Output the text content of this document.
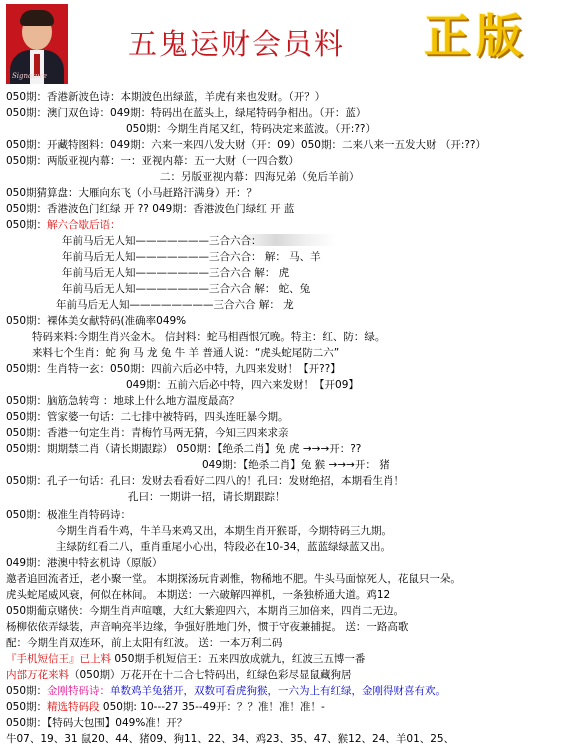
Signature
五鬼运财会员料 正版
050期：香港新波色诗：本期波色出绿蓝，羊虎有来也发财。（开？）
050期：澳门双色诗：049期：特码出在蓝头上，绿尾特码争相出。（开：蓝）
050期：今期生肖尾又红，特码决定来蓝波。（开:??）
050期：开藏特图料：049期：六来一来四八发大财（开：09）050期：二来八来一五发大财 （开:??）
050期：两版亚视内幕：一：亚视内幕：五一大财（一四合数）
二：另版亚视内幕：四海兄弟（免后羊前）
050期猜算盘：大雁向东飞（小马赶路汗满身）开：？
050期：香港波色门红绿 开 ?? 049期：香港波色门绿红 开 蓝
050期：解六合歇后语：
年前马后无人知———————三合六合：
年前马后无人知———————三合六合： 解： 马、羊
年前马后无人知———————三合六合 解： 虎
年前马后无人知———————三合六合 解： 蛇、兔
年前马后无人知————————三合六合 解： 龙
050期：裸体美女献特码(准确率049%
特码来料:今期生肖兴金木。 信封料：蛇马相酉恨冗晚。特主：红、防：绿。
来料七个生肖：蛇 狗 马 龙 兔 牛 羊 普通人说：“虎头蛇尾防二六”
050期：生肖特一玄：050期：四前六后必中特，九四来发财！【开??】
049期：五前六后必中特，四六来发财！【开09】
050期：脑筋急转弯 ：地球上什么地方温度最高？
050期：管家婆一句话：二七排中被特码，四头连旺暴今期。
050期：香港一句定生肖：青梅竹马两无猜，今知三四来求亲
050期：期期禁二肖（请长期跟踪） 050期：【绝杀二肖】免 虎 →→→开：??
049期：【绝杀二肖】兔 猴 →→→开： 猪
050期：孔子一句话：孔曰：发财去看看好二四八的！孔曰：发财绝招，本期看生肖！
孔曰：一期讲一招，请长期跟踪！
050期：极准生肖特码诗：
今期生肖看牛鸡，牛羊马来鸡又出，本期生肖开猴哥，今期特码三九期。
主绿防红看二八，重肖重尾小心出，特段必在10-34，蓝蓝绿绿蓝又出。
049期：港澳中特玄机诗（原版）
邀者追回流者迁，老小聚一堂。 本期探汤玩肯剥惟，物稀地不肥。牛头马面惊死人，花鼠只一朵。
虎头蛇尾威风衰，何似在林间。 本期送：一六破解四禅机，一条独桥通大道。鸡12
050期葡京赌侠：今期生肖声喧嚷，大红大紫迎四六，本期肖三加倍来，四肖二无边。
杨柳依依弄绿装，声音响亮半边缘，争强好胜地门外，惯于守夜兼捕捉。 送：一路高歌
配：今期生肖双连环，前上太阳有红波。 送：一本万利二码
『手机短信王』已上料 050期手机短信王：五来四放成就九，红波三五博一番
内部万花来料（050期）万花开在十二合七特码出，红绿色彩尽显鼠藏狗居
050期：金刚特码诗：单数鸡羊兔猪开，双数可看虎狗猴，一六为上有红绿，金刚得财喜有欢。
050期：精选特码段 050期: 10---27 35--49开：？？准！准！准！-
050期：【特码大包围】049%准！开？
牛07、19、31 鼠20、44、猪09、狗11、22、34、鸡23、35、47、猴12、24、羊01、25、
